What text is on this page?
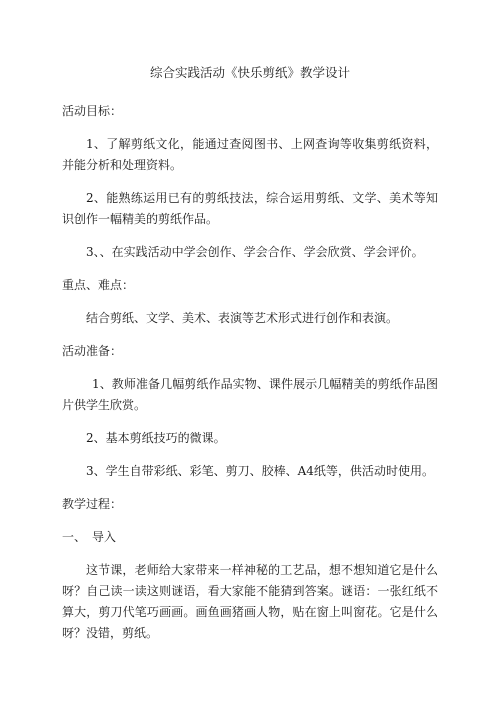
综合实践活动《快乐剪纸》教学设计
活动目标：
1、了解剪纸文化，能通过查阅图书、上网查询等收集剪纸资料，并能分析和处理资料。
2、能熟练运用已有的剪纸技法，综合运用剪纸、文学、美术等知识创作一幅精美的剪纸作品。
3、、在实践活动中学会创作、学会合作、学会欣赏、学会评价。
重点、难点：
结合剪纸、文学、美术、表演等艺术形式进行创作和表演。
活动准备：
1、教师准备几幅剪纸作品实物、课件展示几幅精美的剪纸作品图片供学生欣赏。
2、基本剪纸技巧的微课。
3、学生自带彩纸、彩笔、剪刀、胶棒、A4纸等，供活动时使用。
教学过程：
一、 导入
这节课，老师给大家带来一样神秘的工艺品，想不想知道它是什么呀？自己读一读这则谜语，看大家能不能猜到答案。谜语：一张红纸不算大，剪刀代笔巧画画。画鱼画猪画人物，贴在窗上叫窗花。它是什么呀？没错，剪纸。
